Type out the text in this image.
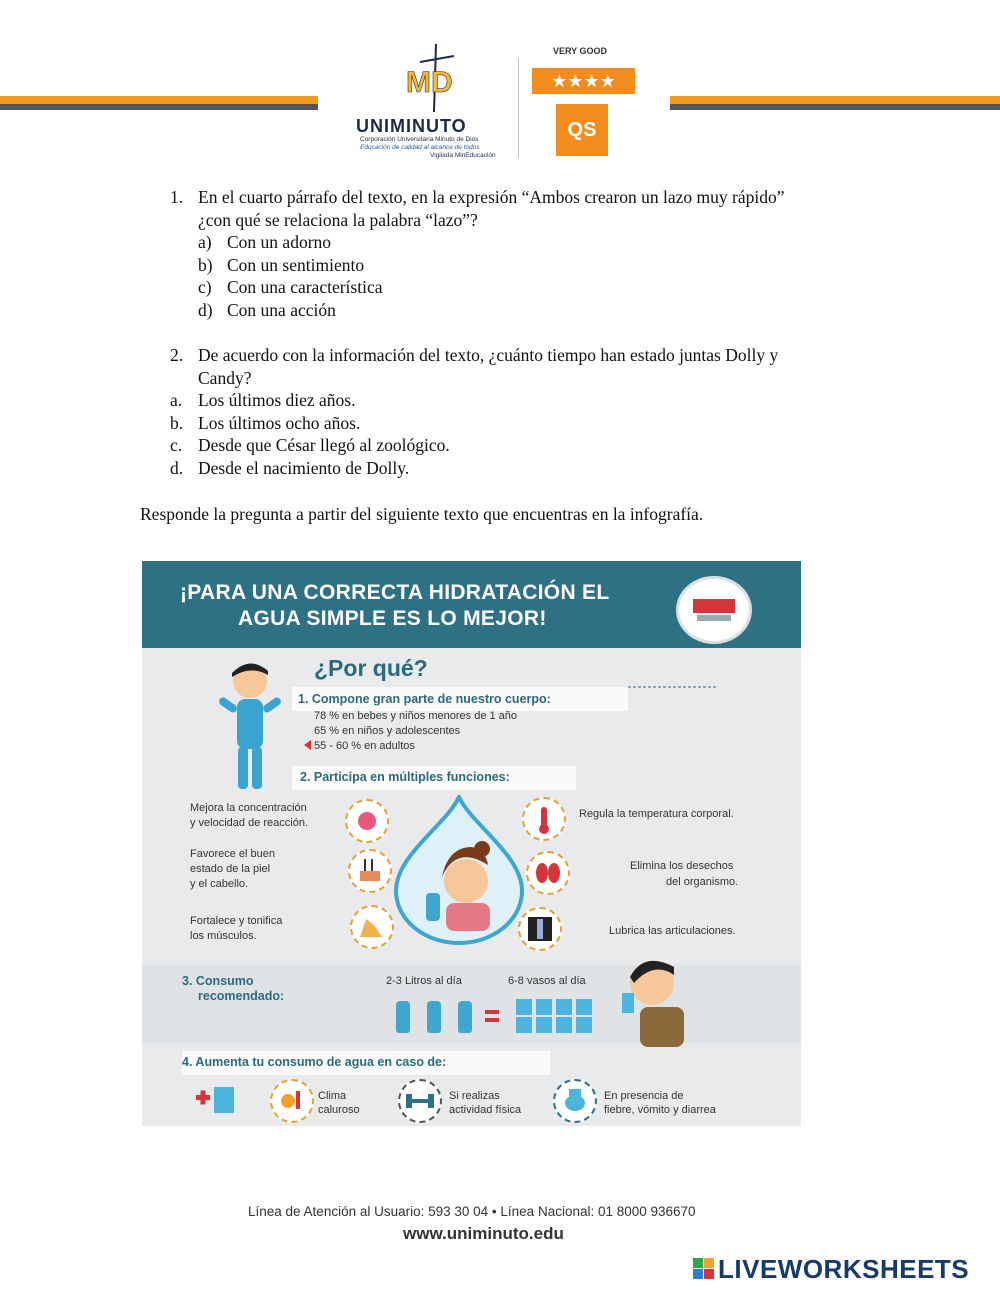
MD
UNIMINUTO
Corporación Universitaria Minuto de Dios
Educación de calidad al alcance de todos
Vigilada MinEducación
VERY GOOD
★★★★
QS
1. En el cuarto párrafo del texto, en la expresión “Ambos crearon un lazo muy rápido”
¿con qué se relaciona la palabra “lazo”?
a) Con un adorno
b) Con un sentimiento
c) Con una característica
d) Con una acción
2. De acuerdo con la información del texto, ¿cuánto tiempo han estado juntas Dolly y
Candy?
a. Los últimos diez años.
b. Los últimos ocho años.
c. Desde que César llegó al zoológico.
d. Desde el nacimiento de Dolly.
Responde la pregunta a partir del siguiente texto que encuentras en la infografía.
¡PARA UNA CORRECTA HIDRATACIÓN EL
AGUA SIMPLE ES LO MEJOR!
¿Por qué?
1. Compone gran parte de nuestro cuerpo:
78 % en bebes y niños menores de 1 año
65 % en niños y adolescentes
55 - 60 % en adultos
2. Participa en múltiples funciones:
Mejora la concentración
y velocidad de reacción.
Favorece el buen
estado de la piel
y el cabello.
Fortalece y tonifica
los músculos.
Regula la temperatura corporal.
Elimina los desechos
del organismo.
Lubrica las articulaciones.
3. Consumo
recomendado:
2-3 Litros al día	6-8 vasos al día
4. Aumenta tu consumo de agua en caso de:
Clima
caluroso
Si realizas
actividad física
En presencia de
fiebre, vómito y diarrea
Línea de Atención al Usuario: 593 30 04 • Línea Nacional: 01 8000 936670
www.uniminuto.edu
LIVEWORKSHEETS
